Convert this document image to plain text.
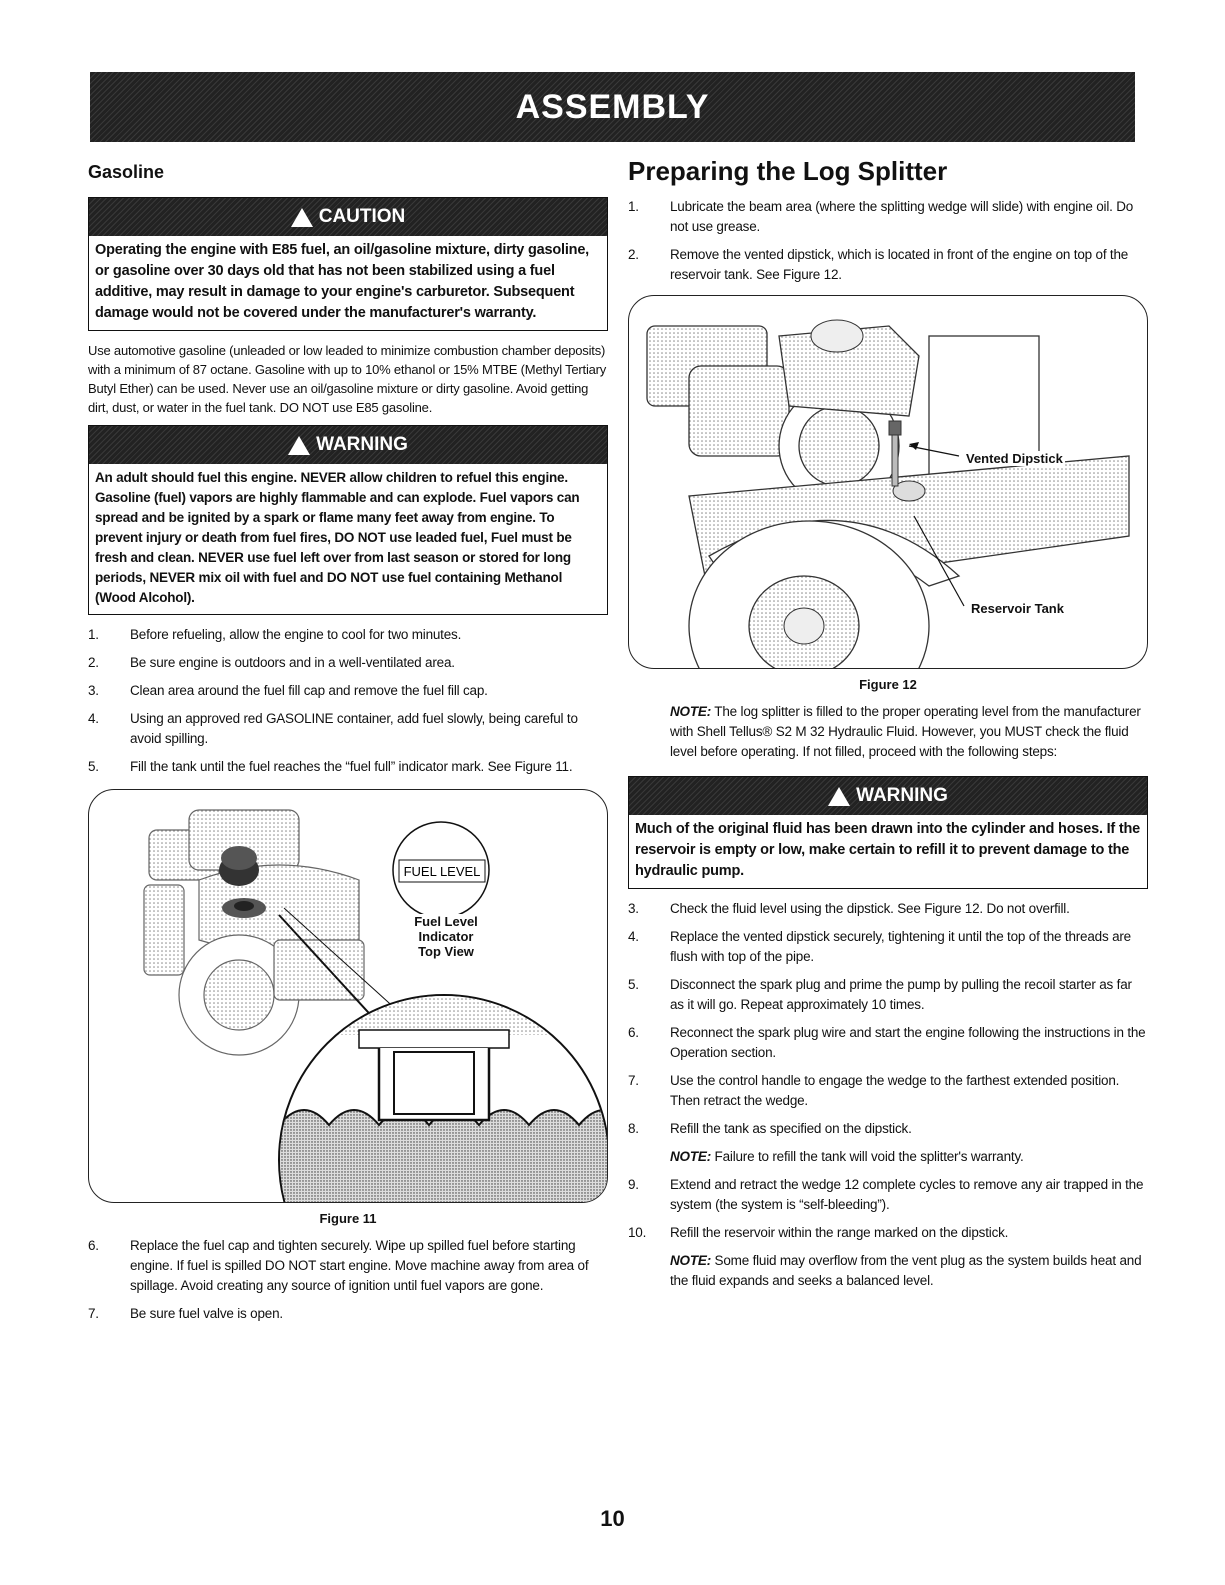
ASSEMBLY
Gasoline
CAUTION
Operating the engine with E85 fuel, an oil/gasoline mixture, dirty gasoline, or gasoline over 30 days old that has not been stabilized using a fuel additive, may result in damage to your engine's carburetor. Subsequent damage would not be covered under the manufacturer's warranty.

Use automotive gasoline (unleaded or low leaded to minimize combustion chamber deposits) with a minimum of 87 octane. Gasoline with up to 10% ethanol or 15% MTBE (Methyl Tertiary Butyl Ether) can be used. Never use an oil/gasoline mixture or dirty gasoline. Avoid getting dirt, dust, or water in the fuel tank. DO NOT use E85 gasoline.

WARNING
An adult should fuel this engine. NEVER allow children to refuel this engine. Gasoline (fuel) vapors are highly flammable and can explode. Fuel vapors can spread and be ignited by a spark or flame many feet away from engine. To prevent injury or death from fuel fires, DO NOT use leaded fuel, Fuel must be fresh and clean. NEVER use fuel left over from last season or stored for long periods, NEVER mix oil with fuel and DO NOT use fuel containing Methanol (Wood Alcohol).
1.	Before refueling, allow the engine to cool for two minutes.
2.	Be sure engine is outdoors and in a well-ventilated area.
3.	Clean area around the fuel fill cap and remove the fuel fill cap.
4.	Using an approved red GASOLINE container, add fuel slowly, being careful to avoid spilling.
5.	Fill the tank until the fuel reaches the “fuel full” indicator mark. See Figure 11.
FUEL LEVEL
Fuel Level Indicator
Top View
Figure 11
6.	Replace the fuel cap and tighten securely. Wipe up spilled fuel before starting engine. If fuel is spilled DO NOT start engine. Move machine away from area of spillage. Avoid creating any source of ignition until fuel vapors are gone.
7.	Be sure fuel valve is open.
Preparing the Log Splitter
1.	Lubricate the beam area (where the splitting wedge will slide) with engine oil. Do not use grease.
2.	Remove the vented dipstick, which is located in front of the engine on top of the reservoir tank. See Figure 12.
Vented Dipstick
Reservoir Tank
Figure 12
NOTE: The log splitter is filled to the proper operating level from the manufacturer with Shell Tellus® S2 M 32 Hydraulic Fluid. However, you MUST check the fluid level before operating. If not filled, proceed with the following steps:
WARNING
Much of the original fluid has been drawn into the cylinder and hoses. If the reservoir is empty or low, make certain to refill it to prevent damage to the hydraulic pump.
3.	Check the fluid level using the dipstick. See Figure 12. Do not overfill.
4.	Replace the vented dipstick securely, tightening it until the top of the threads are flush with top of the pipe.
5.	Disconnect the spark plug and prime the pump by pulling the recoil starter as far as it will go. Repeat approximately 10 times.
6.	Reconnect the spark plug wire and start the engine following the instructions in the Operation section.
7.	Use the control handle to engage the wedge to the farthest extended position. Then retract the wedge.
8.	Refill the tank as specified on the dipstick.
NOTE: Failure to refill the tank will void the splitter's warranty.
9.	Extend and retract the wedge 12 complete cycles to remove any air trapped in the system (the system is “self-bleeding”).
10.	Refill the reservoir within the range marked on the dipstick.
NOTE: Some fluid may overflow from the vent plug as the system builds heat and the fluid expands and seeks a balanced level.
10
